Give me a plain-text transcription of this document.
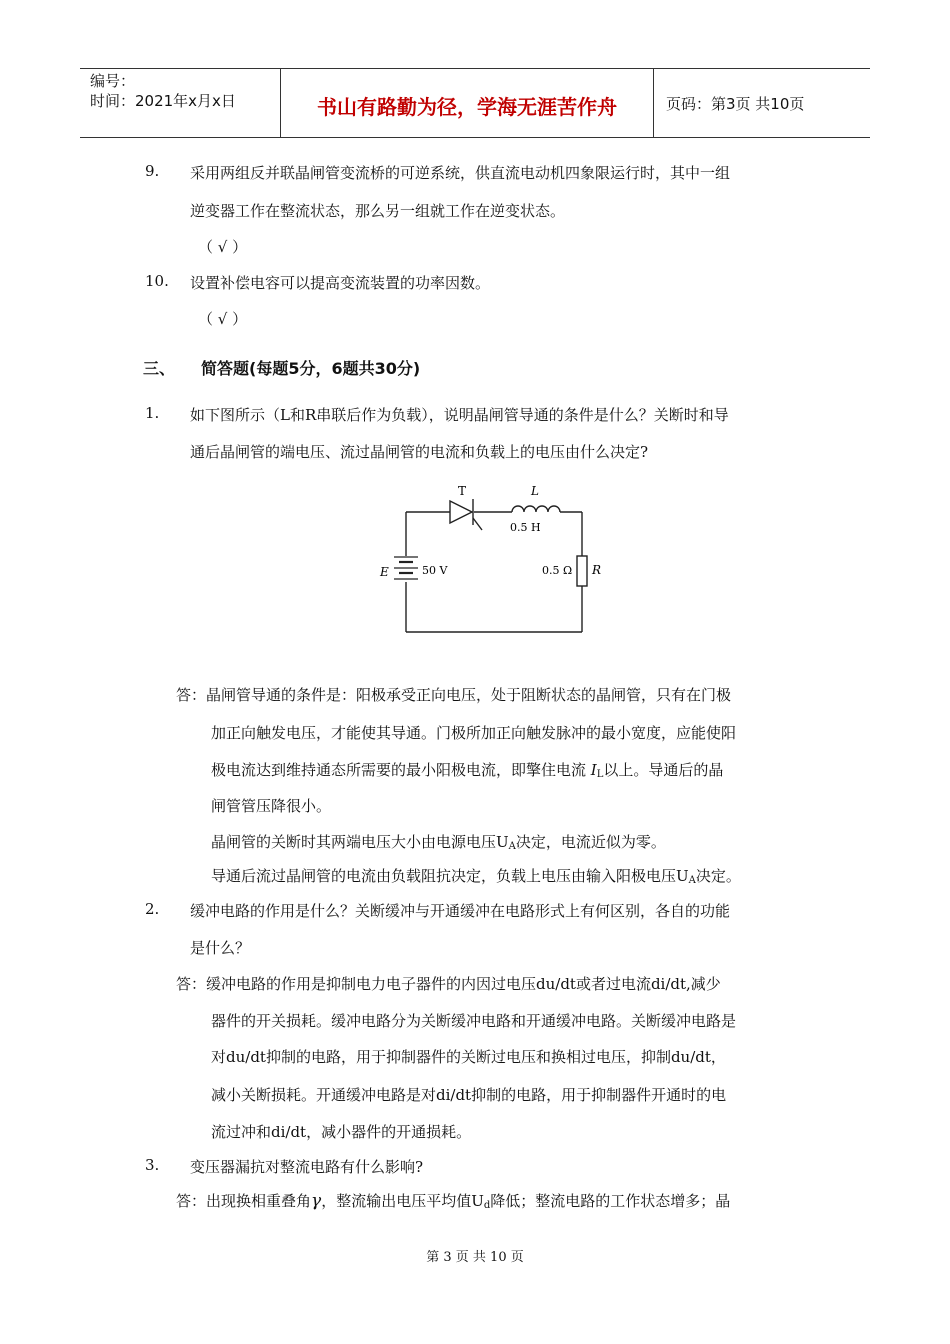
编号：
时间：2021年x月x日	书山有路勤为径，学海无涯苦作舟	页码：第3页 共10页
9. 采用两组反并联晶闸管变流桥的可逆系统，供直流电动机四象限运行时，其中一组
逆变器工作在整流状态，那么另一组就工作在逆变状态。
（ √ ）
10. 设置补偿电容可以提高变流装置的功率因数。
（ √ ）
三、 简答题(每题5分，6题共30分)
1. 如下图所示（L和R串联后作为负载），说明晶闸管导通的条件是什么？关断时和导
通后晶闸管的端电压、流过晶闸管的电流和负载上的电压由什么决定?
T	L
0.5 H
E	50 V	0.5 Ω R
答：晶闸管导通的条件是：阳极承受正向电压，处于阻断状态的晶闸管，只有在门极
加正向触发电压，才能使其导通。门极所加正向触发脉冲的最小宽度，应能使阳
极电流达到维持通态所需要的最小阳极电流，即擎住电流 $I_L$以上。导通后的晶
闸管管压降很小。
晶闸管的关断时其两端电压大小由电源电压$U_A$决定，电流近似为零。
导通后流过晶闸管的电流由负载阻抗决定，负载上电压由输入阳极电压$U_A$决定。
2. 缓冲电路的作用是什么？关断缓冲与开通缓冲在电路形式上有何区别，各自的功能
是什么？
答：缓冲电路的作用是抑制电力电子器件的内因过电压du/dt或者过电流di/dt,减少
器件的开关损耗。缓冲电路分为关断缓冲电路和开通缓冲电路。关断缓冲电路是
对du/dt抑制的电路，用于抑制器件的关断过电压和换相过电压，抑制du/dt，
减小关断损耗。开通缓冲电路是对di/dt抑制的电路，用于抑制器件开通时的电
流过冲和di/dt，减小器件的开通损耗。
3. 变压器漏抗对整流电路有什么影响?
答：出现换相重叠角γ，整流输出电压平均值$U_d$降低；整流电路的工作状态增多；晶
第 3 页 共 10 页
